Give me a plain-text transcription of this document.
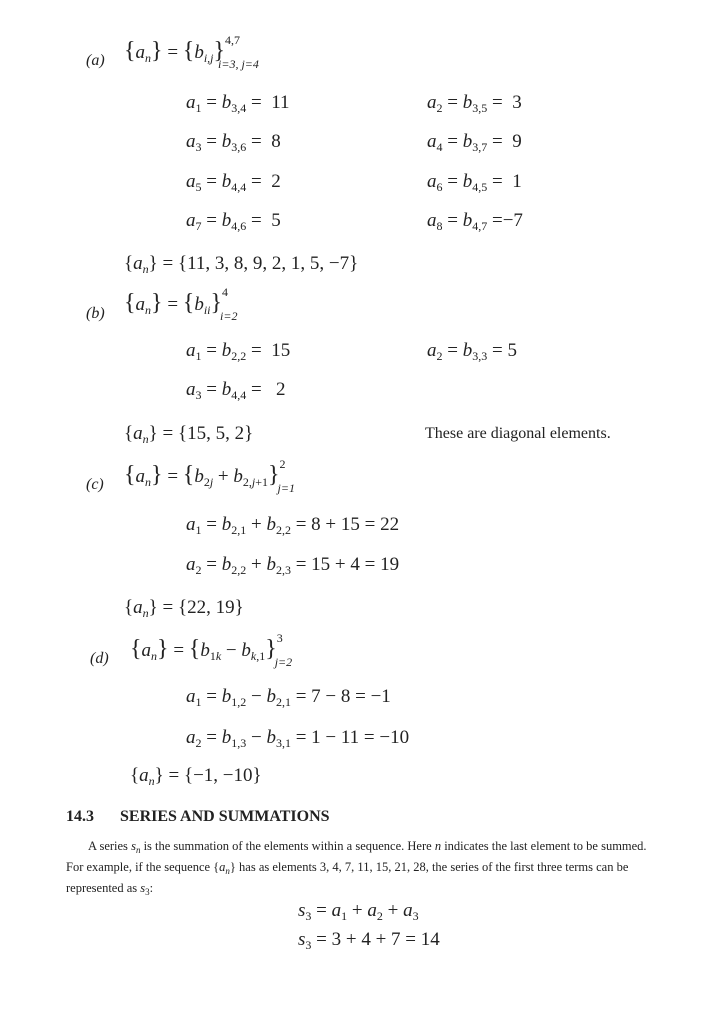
(a) $\{a_n\} = \{b_{i,j}\}^{4,7}_{i=3, j=4}$
$a_1 = b_{3,4} = 11$	$a_2 = b_{3,5} = 3$
$a_3 = b_{3,6} = 8$	$a_4 = b_{3,7} = 9$
$a_5 = b_{4,4} = 2$	$a_6 = b_{4,5} = 1$
$a_7 = b_{4,6} = 5$	$a_8 = b_{4,7} =-7$
$\{a_n\} = \{11$, 3, 8, 9, 2, 1, 5, −7}
(b) $\{a_n\} = \{b_{ii}\}^4_{i=2}$
$a_1 = b_{2,2} = 15$	$a_2 = b_{3,3} = 5$
$a_3 = b_{4,4} = 2$
$\{a_n\} = \{15$, 5, 2}	These are diagonal elements.
(c) $\{a_n\} = \{b_{2j} + b_{2,j+1}\}^2_{j=1}$
$a_1 = b_{2,1} + b_{2,2} = 8 + 15 = 22$
$a_2 = b_{2,2} + b_{2,3} = 15 + 4 = 19$
$\{a_n\} = \{22$, 19}
(d) $\{a_n\} = \{b_{1k} - b_{k,1}\}^3_{j=2}$
$a_1 = b_{1,2} - b_{2,1} = 7 - 8 = -1$
$a_2 = b_{1,3} - b_{3,1} = 1 - 11 = -10$
$\{a_n\} = \{-1$, −10}
14.3 SERIES AND SUMMATIONS
A series $s_n$ is the summation of the elements within a sequence. Here n indicates the last element to be summed. For example, if the sequence $\{a_n\}$ has as elements 3, 4, 7, 11, 15, 21, 28, the series of the first three terms can be represented as $s_3$:
$s_3 = a_1 + a_2 + a_3$
$s_3 = 3 + 4 + 7 = 14$
